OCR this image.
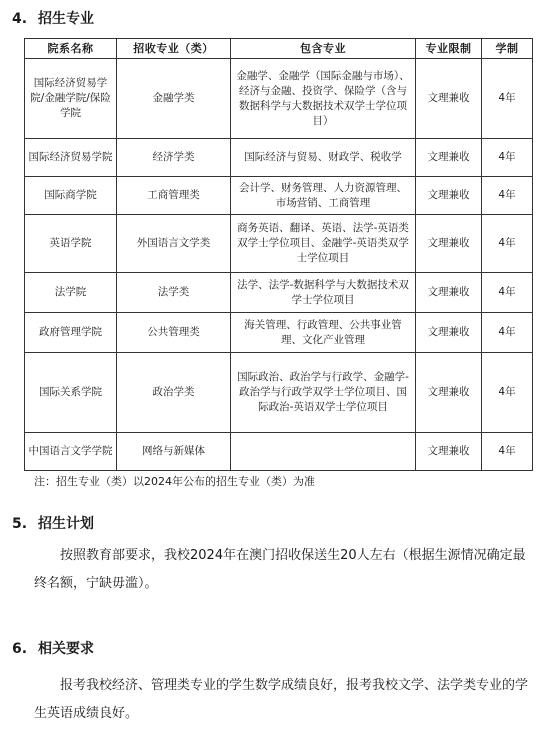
4. 招生专业
院系名称	招收专业（类）	包含专业	专业限制	学制
国际经济贸易学院/金融学院/保险学院	金融学类	金融学、金融学（国际金融与市场）、经济与金融、投资学、保险学（含与数据科学与大数据技术双学士学位项目）	文理兼收	4年
国际经济贸易学院	经济学类	国际经济与贸易、财政学、税收学	文理兼收	4年
国际商学院	工商管理类	会计学、财务管理、人力资源管理、市场营销、工商管理	文理兼收	4年
英语学院	外国语言文学类	商务英语、翻译、英语、法学-英语类双学士学位项目、金融学-英语类双学士学位项目	文理兼收	4年
法学院	法学类	法学、法学-数据科学与大数据技术双学士学位项目	文理兼收	4年
政府管理学院	公共管理类	海关管理、行政管理、公共事业管理、文化产业管理	文理兼收	4年
国际关系学院	政治学类	国际政治、政治学与行政学、金融学-政治学与行政学双学士学位项目、国际政治-英语双学士学位项目	文理兼收	4年
中国语言文学学院	网络与新媒体		文理兼收	4年
注：招生专业（类）以2024年公布的招生专业（类）为准
5. 招生计划
按照教育部要求，我校2024年在澳门招收保送生20人左右（根据生源情况确定最终名额，宁缺毋滥）。
6. 相关要求
报考我校经济、管理类专业的学生数学成绩良好，报考我校文学、法学类专业的学生英语成绩良好。
